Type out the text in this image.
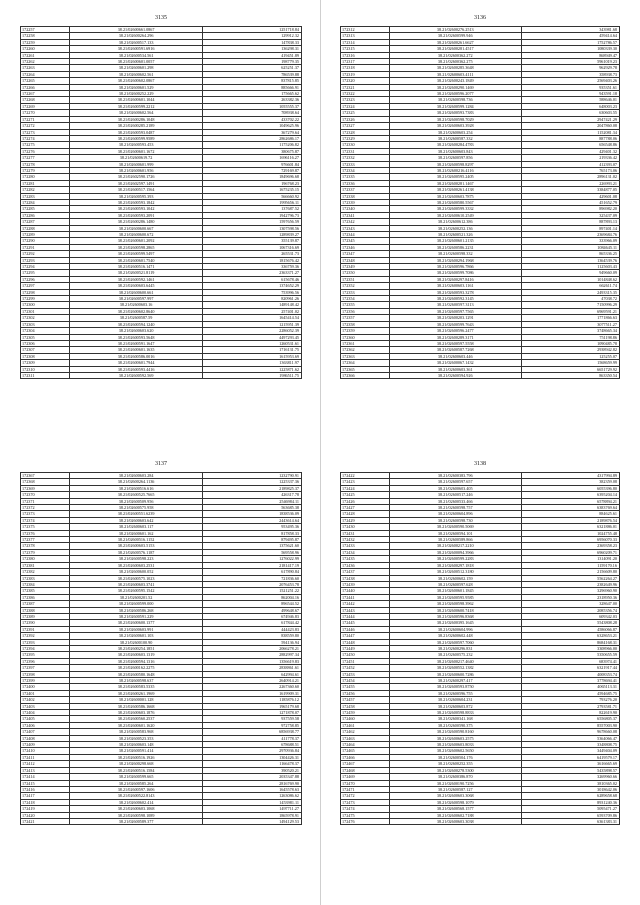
3135
172257	38.21/02600661.0867	1251718.84
172258	38.21/02600264.296	129912.32
172259	38.21/02600517.133	147838.33
172260	38.21/02600591.6916	136298.31
172261	38.21/02600534.561	419451.89
172262	38.21/02600601.0057	198779.35
172263	38.21/02600601.298	625251.37
172264	38.21/02600602.561	786539.88
172265	38.21/02600602.0867	837815.85
172266	38.21/02600601.529	885666.91
172267	38.21/02600252.229	175665.62
172268	38.21/02600601.1044	263382.36
172269	38.21/02600599.2212	1055555.37
172270	38.21/02600602.564	708938.64
172271	38.21/02600286.1048	433702.22
172272	38.21/02600285.2189	1049625.96
172273	38.21/02600593.0487	367279.64
172274	38.21/02600599.9589	2862686.17
172275	38.21/02600593.453	1175206.82
172276	38.21/02600601.1672	380675.87
172277	38.21/02600619.72	1696116.27
172278	38.21/02600601.999	976601.84
172279	38.21/02600601.956	729169.87
172280	38.21/02602590.1726	1849696.68
172281	38.21/02602597.1491	196768.23
172282	38.21/02600517.1564	1675235.15
172283	38.21/02600595.393	566660.92
172284	38.21/02600593.1842	1995656.11
172285	38.21/02600593.1042	137687.52
172286	38.21/02600593.2091	1942796.73
172287	38.21/02600286.1480	1597656.59
172288	38.21/02600600.667	1307598.56
172289	38.21/02600600.672	1289839.27
172290	38.21/02600601.2092	355139.87
172291	38.21/02600598.2865	1067316.69
172292	38.21/02600599.5497	265531.73
172293	38.21/02600601.7540	1815676.42
172294	38.21/02600516.1471	336759.36
172295	38.21/02600521.8119	2363371.27
172296	38.21/02600592.1461	615678.46
172297	38.21/02600603.6445	1374652.29
172298	38.21/02600600.661	753996.56
172299	38.21/02600597.997	820961.26
172300	38.21/02600603.16	1489148.42
172301	38.21/02600602.8640	257401.02
172302	38.21/02600587.59	1645414.54
172303	38.21/02600594.1240	1215951.39
172304	38.21/02600603.620	2286052.39
172305	38.21/02600593.5648	4497293.45
172306	38.21/02600591.1647	1260531.61
172307	38.21/02600601.1635	1716131.75
172308	38.21/02600586.0016	1615953.69
172309	38.21/02600601.7944	1363811.97
172310	38.21/02600593.4416	1225871.62
172311	38.21/02600592.569	1986511.75
3136
172312	38.21/02600276.2513	343981.68
172313	38.21/02600599.946	459414.64
172314	38.21/02600261.6627	1752786.57
172315	38.21/02600281.4517	1080339.30
172316	38.21/02600362.272	868949.47
172317	38.21/02600362.275	5961019.23
172318	38.21/02600285.3648	962929.78
172319	38.21/02600603.4111	358938.73
172320	38.21/02600243.1849	2569403.26
172321	38.21/02600290.1469	935351.61
172322	38.21/02600596.2077	943591.18
172323	38.21/02600598.736	588646.01
172324	38.21/02600599.1284	648003.23
172325	38.21/02600593.7383	630603.55
172326	38.21/02600598.7029	2947421.29
172327	38.21/02600603.3928	2047860.08
172328	38.21/02600603.254	1152081.34
172329	38.21/02600587.332	887788.06
172330	38.21/02600284.4783	656548.86
172331	38.21/02600603.843	429401.32
172332	38.21/02600597.856	219336.42
172333	38.21/02600598.8297	412393.07
172334	38.21/02600216.4116	765173.06
172335	38.21/02600595.2405	2896131.02
172336	38.21/02600281.1467	226993.21
172337	38.21/02600261.4138	3384877.05
172338	38.21/02600603.7875	429601.08
172339	38.21/02600580.5567	451652.79
172340	38.21/02600599.3332	896982.20
172341	38.21/02600610.2549	325437.09
172342	38.21/02600612.386	887893.13
172343	38.21/02600252.136	897401.14
172344	38.21/02600521.326	2369684.76
172345	38.21/02600601.2135	333966.09
172346	38.21/02600586.2231	1084645.11
172347	38.21/02600598.332	865336.25
172348	38.21/02600294.1968	1364539.76
172349	38.21/02600596.7866	1125603.43
172350	38.21/02600599.7086	949660.09
172351	38.21/02600297.8416	1014848.62
172352	38.21/02600603.1161	662611.74
172353	38.21/02600593.3278	2493315.35
172354	38.21/02600592.3145	47038.72
172355	38.21/02600597.3113	7150996.29
172356	38.21/02600597.7565	6969591.21
172357	38.21/02600203.1291	1771866.63
172358	38.21/02600599.7643	3077511.27
172359	38.21/02600596.2477	3748665.34
172360	38.21/02600289.3171	751198.86
172361	38.21/02600597.5558	1090485.78
172362	38.21/02600587.7268	2938942.82
172363	38.21/02600603.446	125255.07
172364	38.21/02600067.1432	1568659.99
172365	38.21/02600603.361	6651729.92
172366	38.21/02600594.926	863350.54
3137
172367	38.21/02600603.284	1232790.91
172368	38.21/02600264.1136	1225337.36
172369	38.21/02600516.616	2189825.37
172370	38.21/02600525.7665	426317.78
172371	38.21/02600509.956	2546984.11
172372	38.21/02600575.958	563685.38
172373	38.21/02600551.6239	1838536.09
172374	38.21/02600603.642	2443614.64
172375	38.21/02600603.117	953495.36
172376	38.21/02600601.162	817858.33
172377	38.21/02600516.1152	879495.87
172378	38.21/02600603.5153	1375621.60
172379	38.21/02600576.1187	569558.96
172380	38.21/02600598.223	1276022.99
172381	38.21/02600603.2531	2181417.19
172382	38.21/02600600.052	617890.84
172383	38.21/02600575.1023	721836.60
172384	38.21/02600603.3741	2076453.78
172385	38.21/02600595.1542	1521251.22
172386	38.21/02600201.52	862004.16
172387	38.21/02600599.000	896544.52
172388	38.21/02600586.268	499648.67
172389	38.21/02600591.229	674946.83
172390	38.21/02600600.1377	617844.42
172391	38.21/02600603.991	444423.83
172392	38.21/02600601.103	838559.80
172393	38.21/02600100.90	594136.94
172394	38.21/02600254.1851	2066278.21
172395	38.21/02600603.1319	2882997.34
172396	38.21/02600594.1316	1356619.83
172397	38.21/02600162.2275	2838861.61
172398	38.21/02600580.1648	642994.61
172399	38.21/02600598.637	2640914.21
172400	38.21/02600583.5335	2267360.60
172401	38.21/02600261.1969	1619909.31
172402	38.21/02600001.128	1185876.12
172403	38.21/02600586.1668	1965179.68
172404	38.21/02600603.1876	1271878.07
172405	38.21/02600560.2537	937559.58
172406	38.21/02600601.1620	972758.85
172407	38.21/02600583.968	6856938.77
172408	38.21/02600523.353	411778.37
172409	38.21/02600603.148	678688.51
172410	38.21/02600591.414	2970936.84
172411	38.21/02600516.1926	1304426.31
172412	38.21/02600298.668	1166478.37
172413	38.21/02600516.1584	390520.21
172414	38.21/02600599.665	2035347.88
172415	38.21/02600585.264	2816769.90
172416	38.21/02600597.1606	1645578.63
172417	38.21/02600522.8143	1263086.62
172418	38.21/02600602.414	1453981.11
172419	38.21/02600603.1068	1497711.27
172420	38.21/02600598.1089	1865978.91
172421	38.21/02600589.377	1494129.53
3138
172422	38.21/02600383.796	4317994.89
172423	38.21/02600597.657	382359.08
172424	38.21/02600603.405	6055396.80
172425	38.21/02600517.246	6395204.14
172426	38.21/02600533.466	6578894.21
172427	38.21/02600598.757	6383769.64
172428	38.21/02600604.896	884625.61
172429	38.21/02600598.730	2189876.54
172430	38.21/02600590.5069	6321886.01
172431	38.21/02600594.101	1024755.48
172432	38.21/02600589.866	6956070.33
172433	38.21/02600217.2210	2369358.23
172434	38.21/02600094.3966	6960209.71
172435	38.21/02600599.2283	1314091.20
172436	38.21/02600297.1818	1159170.16
172437	38.21/02600512.3180	2156609.80
172438	38.21/02600602.159	5562264.27
172439	38.21/02600597.628	2382649.96
172440	38.21/02600601.1845	3296960.90
172441	38.21/02600595.9585	2318950.36
172442	38.21/02600598.3962	328647.00
172443	38.21/02600600.7418	2085356.74
172444	38.21/02600596.8368	609342.03
172445	38.21/02600395.1645	5543808.28
172446	38.21/02600604.996	4586066.87
172447	38.21/02600602.448	6328653.21
172448	38.21/02600597.7060	8684168.31
172449	38.21/02600296.831	3308966.00
172450	38.21/02600575.232	5350655.59
172451	38.21/02600217.4640	683974.41
172452	38.21/02600552.1382	6321917.44
172453	38.21/02600600.7286	4008353.74
172454	38.21/02600297.417	3778694.41
172455	38.21/02600593.8750	4065113.31
172456	38.21/02600596.755	4594685.75
172457	38.21/02600604.231	793276.20
172458	38.21/02600603.872	2793581.71
172459	38.21/02600598.8833	822619.90
172460	38.21/02600341.168	6556805.37
172461	38.21/02600590.375	8557003.90
172462	38.21/02600590.8160	9678660.08
172463	38.21/02600603.2575	5364066.47
172464	38.21/02600603.8033	3348808.75
172465	38.21/02600602.5650	3449404.09
172466	38.21/02600504.176	6419579.17
172467	38.21/02600252.355	3616665.69
172468	38.21/02600278.5300	5435898.57
172469	38.21/02600386.870	3269960.66
172470	38.21/02600190.7256	3810365.02
172471	38.21/02600587.127	3018642.06
172472	38.21/02600603.3068	6289658.68
172473	38.21/02600598.1079	8931240.36
172474	38.21/02600568.1577	5095471.27
172475	38.21/02600602.7188	6593709.86
172476	38.21/02600603.3038	6361383.31
